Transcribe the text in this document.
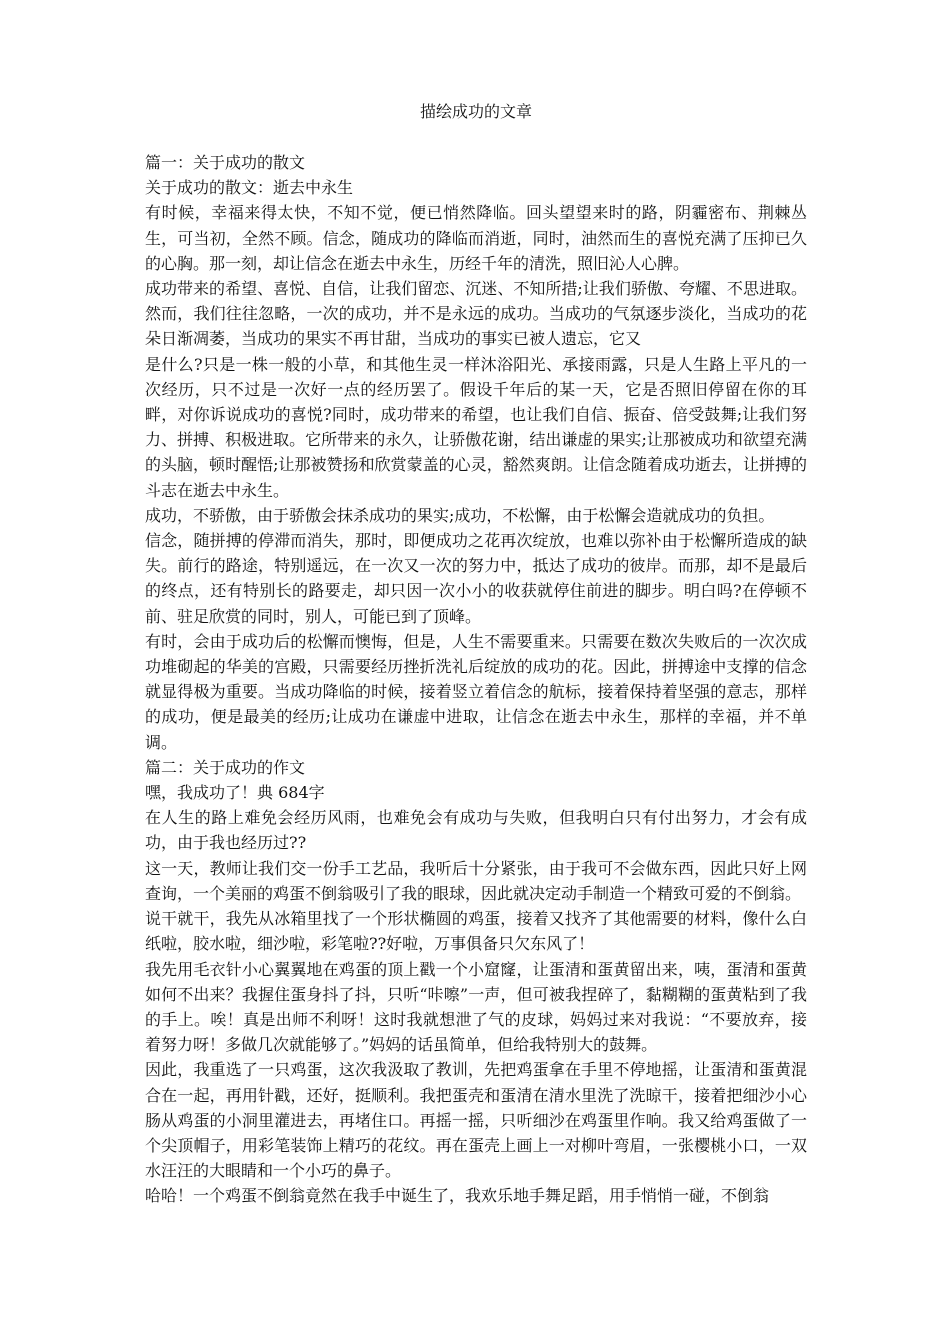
描绘成功的文章

篇一：关于成功的散文

关于成功的散文：逝去中永生

有时候，幸福来得太快，不知不觉，便已悄然降临。回头望望来时的路，阴霾密布、荆棘丛生，可当初，全然不顾。信念，随成功的降临而消逝，同时，油然而生的喜悦充满了压抑已久的心胸。那一刻，却让信念在逝去中永生，历经千年的清洗，照旧沁人心脾。

成功带来的希望、喜悦、自信，让我们留恋、沉迷、不知所措;让我们骄傲、夸耀、不思进取。然而，我们往往忽略，一次的成功，并不是永远的成功。当成功的气氛逐步淡化，当成功的花朵日渐凋萎，当成功的果实不再甘甜，当成功的事实已被人遗忘，它又

是什么?只是一株一般的小草，和其他生灵一样沐浴阳光、承接雨露，只是人生路上平凡的一次经历，只不过是一次好一点的经历罢了。假设千年后的某一天，它是否照旧停留在你的耳畔，对你诉说成功的喜悦?同时，成功带来的希望，也让我们自信、振奋、倍受鼓舞;让我们努力、拼搏、积极进取。它所带来的永久，让骄傲花谢，结出谦虚的果实;让那被成功和欲望充满的头脑，顿时醒悟;让那被赞扬和欣赏蒙盖的心灵，豁然爽朗。让信念随着成功逝去，让拼搏的斗志在逝去中永生。

成功，不骄傲，由于骄傲会抹杀成功的果实;成功，不松懈，由于松懈会造就成功的负担。

信念，随拼搏的停滞而消失，那时，即便成功之花再次绽放，也难以弥补由于松懈所造成的缺失。前行的路途，特别遥远，在一次又一次的努力中，抵达了成功的彼岸。而那，却不是最后的终点，还有特别长的路要走，却只因一次小小的收获就停住前进的脚步。明白吗?在停顿不前、驻足欣赏的同时，别人，可能已到了顶峰。

有时，会由于成功后的松懈而懊悔，但是，人生不需要重来。只需要在数次失败后的一次次成功堆砌起的华美的宫殿，只需要经历挫折洗礼后绽放的成功的花。因此，拼搏途中支撑的信念就显得极为重要。当成功降临的时候，接着竖立着信念的航标，接着保持着坚强的意志，那样的成功，便是最美的经历;让成功在谦虚中进取，让信念在逝去中永生，那样的幸福，并不单调。

篇二：关于成功的作文

嘿，我成功了！典 684字

在人生的路上难免会经历风雨，也难免会有成功与失败，但我明白只有付出努力，才会有成功，由于我也经历过??

这一天，教师让我们交一份手工艺品，我听后十分紧张，由于我可不会做东西，因此只好上网查询，一个美丽的鸡蛋不倒翁吸引了我的眼球，因此就决定动手制造一个精致可爱的不倒翁。

说干就干，我先从冰箱里找了一个形状椭圆的鸡蛋，接着又找齐了其他需要的材料，像什么白纸啦，胶水啦，细沙啦，彩笔啦??好啦，万事俱备只欠东风了！

我先用毛衣针小心翼翼地在鸡蛋的顶上戳一个小窟窿，让蛋清和蛋黄留出来，咦，蛋清和蛋黄如何不出来？我握住蛋身抖了抖，只听“咔嚓”一声，但可被我捏碎了，黏糊糊的蛋黄粘到了我的手上。唉！真是出师不利呀！这时我就想泄了气的皮球，妈妈过来对我说：“不要放弃，接着努力呀！多做几次就能够了。”妈妈的话虽简单，但给我特别大的鼓舞。

因此，我重选了一只鸡蛋，这次我汲取了教训，先把鸡蛋拿在手里不停地摇，让蛋清和蛋黄混合在一起，再用针戳，还好，挺顺利。我把蛋壳和蛋清在清水里洗了洗晾干，接着把细沙小心肠从鸡蛋的小洞里灌进去，再堵住口。再摇一摇，只听细沙在鸡蛋里作响。我又给鸡蛋做了一个尖顶帽子，用彩笔装饰上精巧的花纹。再在蛋壳上画上一对柳叶弯眉，一张樱桃小口，一双水汪汪的大眼睛和一个小巧的鼻子。

哈哈！一个鸡蛋不倒翁竟然在我手中诞生了，我欢乐地手舞足蹈，用手悄悄一碰，不倒翁
